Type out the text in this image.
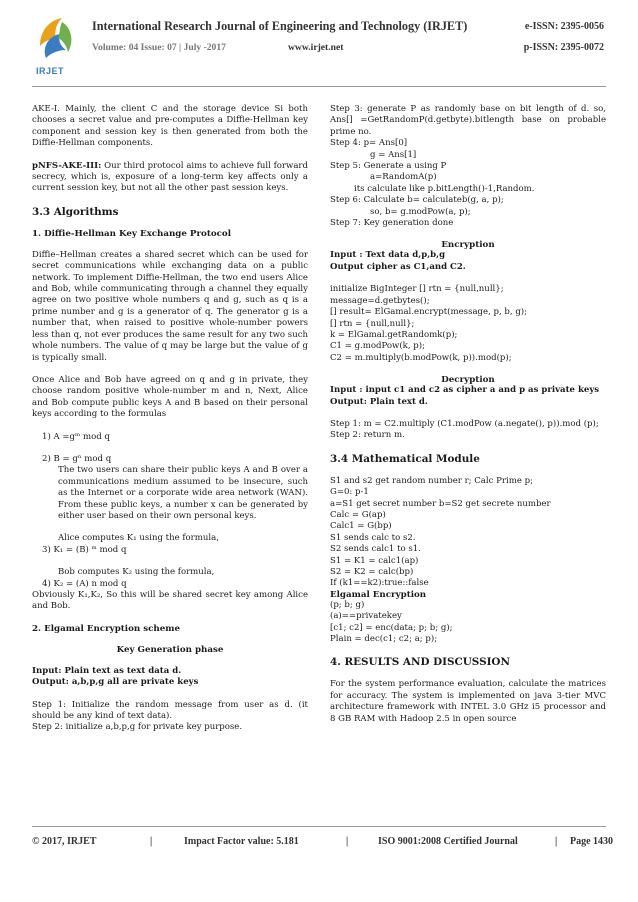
IRJET
International Research Journal of Engineering and Technology (IRJET)	e-ISSN: 2395-0056
Volume: 04 Issue: 07 | July -2017	www.irjet.net	p-ISSN: 2395-0072

AKE-I. Mainly, the client C and the storage device Si both chooses a secret value and pre-computes a Diffie-Hellman key component and session key is then generated from both the Diffie-Hellman components.

pNFS-AKE-III: Our third protocol aims to achieve full forward secrecy, which is, exposure of a long-term key affects only a current session key, but not all the other past session keys.

3.3 Algorithms
1. Diffie-Hellman Key Exchange Protocol

Diffie–Hellman creates a shared secret which can be used for secret communications while exchanging data on a public network. To implement Diffie-Hellman, the two end users Alice and Bob, while communicating through a channel they equally agree on two positive whole numbers q and g, such as q is a prime number and g is a generator of q. The generator g is a number that, when raised to positive whole-number powers less than q, not ever produces the same result for any two such whole numbers. The value of q may be large but the value of g is typically small.

Once Alice and Bob have agreed on q and g in private, they choose random positive whole-number m and n, Next, Alice and Bob compute public keys A and B based on their personal keys according to the formulas

1) A =gᵐ mod q

2) B = gⁿ mod q

The two users can share their public keys A and B over a communications medium assumed to be insecure, such as the Internet or a corporate wide area network (WAN). From these public keys, a number x can be generated by either user based on their own personal keys.

Alice computes K₁ using the formula,

3) K₁ = (B) ᵐ mod q

Bob computes K₂ using the formula,

4) K₂ = (A) n mod q

Obviously K₁,K₂, So this will be shared secret key among Alice and Bob.

2. Elgamal Encryption scheme
Key Generation phase

Input: Plain text as text data d.

Output: a,b,p,g all are private keys

Step 1: Initialize the random message from user as d. (it should be any kind of text data).

Step 2: initialize a,b,p,g for private key purpose.

Step 3: generate P as randomly base on bit length of d. so, Ans[] =GetRandomP(d.getbyte).bitlength base on probable prime no.

Step 4: p= Ans[0]

g = Ans[1]

Step 5: Generate a using P

a=RandomA(p)

its calculate like p.bitLength()-1,Random.

Step 6: Calculate b= calculateb(g, a, p);

so, b= g.modPow(a, p);

Step 7: Key generation done

Encryption

Input : Text data d,p,b,g

Output cipher as C1,and C2.

initialize BigInteger [] rtn = {null,null};

message=d.getbytes();

[] result= ElGamal.encrypt(message, p, b, g);

[] rtn = {null,null};

k = ElGamal.getRandomk(p);

C1 = g.modPow(k, p);

C2 = m.multiply(b.modPow(k, p)).mod(p);

Decryption

Input : input c1 and c2 as cipher a and p as private keys

Output: Plain text d.

Step 1: m = C2.multiply (C1.modPow (a.negate(), p)).mod (p);

Step 2: return m.

3.4 Mathematical Module

S1 and s2 get random number r; Calc Prime p;

G=0: p-1

a=S1 get secret number b=S2 get secrete number

Calc = G(ap)

Calc1 = G(bp)

S1 sends calc to s2.

S2 sends calc1 to s1.

S1 = K1 = calc1(ap)

S2 = K2 = calc(bp)

If (k1==k2):true::false

Elgamal Encryption

(p; b; g)

(a)==privatekey

[c1; c2] = enc(data; p; b; g);

Plain = dec(c1; c2; a; p);

4. RESULTS AND DISCUSSION

For the system performance evaluation, calculate the matrices for accuracy. The system is implemented on java 3-tier MVC architecture framework with INTEL 3.0 GHz i5 processor and 8 GB RAM with Hadoop 2.5 in open source

© 2017, IRJET	|	Impact Factor value: 5.181	|	ISO 9001:2008 Certified Journal	| Page 1430
